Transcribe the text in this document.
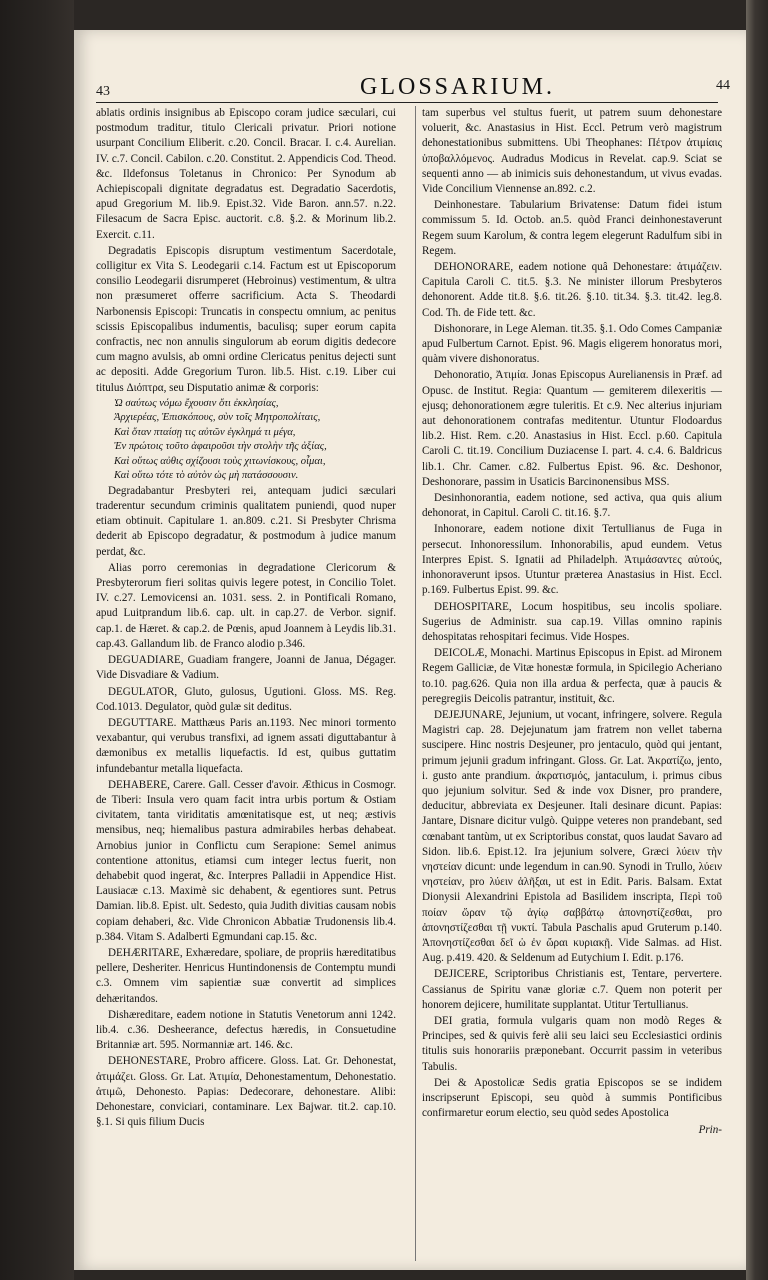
43	GLOSSARIUM.	44

ablatis ordinis insignibus ab Episcopo coram judice sæculari, cui postmodum traditur, titulo Clericali privatur. Priori notione usurpant Concilium Eliberit. c.20. Concil. Bracar. I. c.4. Aurelian. IV. c.7. Concil. Cabilon. c.20. Constitut. 2. Appendicis Cod. Theod. &c. Ildefonsus Toletanus in Chronico: Per Synodum ab Achiepiscopali dignitate degradatus est. Degradatio Sacerdotis, apud Gregorium M. lib.9. Epist.32. Vide Baron. ann.57. n.22. Filesacum de Sacra Episc. auctorit. c.8. §.2. & Morinum lib.2. Exercit. c.11.

Degradatis Episcopis disruptum vestimentum Sacerdotale, colligitur ex Vita S. Leodegarii c.14. Factum est ut Episcoporum consilio Leodegarii disrumperet (Hebroinus) vestimentum, & ultra non præsumeret offerre sacrificium. Acta S. Theodardi Narbonensis Episcopi: Truncatis in conspectu omnium, ac penitus scissis Episcopalibus indumentis, baculisq; super eorum capita confractis, nec non annulis singulorum ab eorum digitis dedecore cum magno avulsis, ab omni ordine Clericatus penitus dejecti sunt ac depositi. Adde Gregorium Turon. lib.5. Hist. c.19. Liber cui titulus Διόπτρα, seu Disputatio animæ & corporis:

Ὡ σαύτως νόμω ἔχουσιν ὅτι ἐκκλησίας,

Ἀρχιερέας, Ἐπισκόπους, σὺν τοῖς Μητροπολίταις,

Καὶ ὅταν πταίσῃ τις αὐτῶν ἐγκλημά τι μέγα,

Ἐν πρώτοις τοῦτο ἀφαιροῦσι τὴν στολὴν τῆς ἀξίας,

Καὶ οὕτως αὐθις σχίζουσι τοὺς χιτωνίσκους, οἶμαι,

Καὶ οὕτω τότε τὸ αὐτὸν ὡς μὴ πατάσσουσιν.

Degradabantur Presbyteri rei, antequam judici sæculari traderentur secundum criminis qualitatem puniendi, quod nuper etiam obtinuit. Capitulare 1. an.809. c.21. Si Presbyter Chrisma dederit ab Episcopo degradatur, & postmodum à judice manum perdat, &c.

Alias porro ceremonias in degradatione Clericorum & Presbyterorum fieri solitas quivis legere potest, in Concilio Tolet. IV. c.27. Lemovicensi an. 1031. sess. 2. in Pontificali Romano, apud Luitprandum lib.6. cap. ult. in cap.27. de Verbor. signif. cap.1. de Hæret. & cap.2. de Pœnis, apud Joannem à Leydis lib.31. cap.43. Gallandum lib. de Franco alodio p.346.

DEGUADIARE, Guadiam frangere, Joanni de Janua, Dégager. Vide Disvadiare & Vadium.

DEGULATOR, Gluto, gulosus, Ugutioni. Gloss. MS. Reg. Cod.1013. Degulator, quòd gulæ sit deditus.

DEGUTTARE. Matthæus Paris an.1193. Nec minori tormento vexabantur, qui verubus transfixi, ad ignem assati diguttabantur à dæmonibus ex metallis liquefactis. Id est, quibus guttatim infundebantur metalla liquefacta.

DEHABERE, Carere. Gall. Cesser d'avoir. Æthicus in Cosmogr. de Tiberi: Insula vero quam facit intra urbis portum & Ostiam civitatem, tanta viriditatis amœnitatisque est, ut neq; æstivis mensibus, neq; hiemalibus pastura admirabiles herbas dehabeat. Arnobius junior in Conflictu cum Serapione: Semel animus contentione attonitus, etiamsi cum integer lectus fuerit, non dehabebit quod ingerat, &c. Interpres Palladii in Appendice Hist. Lausiacæ c.13. Maximè sic dehabent, & egentiores sunt. Petrus Damian. lib.8. Epist. ult. Sedesto, quia Judith divitias causam nobis copiam dehaberi, &c. Vide Chronicon Abbatiæ Trudonensis lib.4. p.384. Vitam S. Adalberti Egmundani cap.15. &c.

DEHÆRITARE, Exhæredare, spoliare, de propriis hæreditatibus pellere, Desheriter. Henricus Huntindonensis de Contemptu mundi c.3. Omnem vim sapientiæ suæ convertit ad simplices dehæritandos.

Dishæreditare, eadem notione in Statutis Venetorum anni 1242. lib.4. c.36. Desheerance, defectus hæredis, in Consuetudine Britanniæ art. 595. Normanniæ art. 146. &c.

DEHONESTARE, Probro afficere. Gloss. Lat. Gr. Dehonestat, ἀτιμάζει. Gloss. Gr. Lat. Ἀτιμία, Dehonestamentum, Dehonestatio. ἀτιμῶ, Dehonesto. Papias: Dedecorare, dehonestare. Alibi: Dehonestare, conviciari, contaminare. Lex Bajwar. tit.2. cap.10. §.1. Si quis filium Ducis

tam superbus vel stultus fuerit, ut patrem suum dehonestare voluerit, &c. Anastasius in Hist. Eccl. Petrum verò magistrum dehonestationibus submittens. Ubi Theophanes: Πέτρον ἀτιμίαις ὑποβαλλόμενος. Audradus Modicus in Revelat. cap.9. Sciat se sequenti anno — ab inimicis suis dehonestandum, ut vivus evadas. Vide Concilium Viennense an.892. c.2.

Deinhonestare. Tabularium Brivatense: Datum fidei istum commissum 5. Id. Octob. an.5. quòd Franci deinhonestaverunt Regem suum Karolum, & contra legem elegerunt Radulfum sibi in Regem.

DEHONORARE, eadem notione quâ Dehonestare: ἀτιμάζειν. Capitula Caroli C. tit.5. §.3. Ne minister illorum Presbyteros dehonorent. Adde tit.8. §.6. tit.26. §.10. tit.34. §.3. tit.42. leg.8. Cod. Th. de Fide tett. &c.

Dishonorare, in Lege Aleman. tit.35. §.1. Odo Comes Campaniæ apud Fulbertum Carnot. Epist. 96. Magis eligerem honoratus mori, quàm vivere dishonoratus.

Dehonoratio, Ἀτιμία. Jonas Episcopus Aurelianensis in Præf. ad Opusc. de Institut. Regia: Quantum — gemiterem dilexeritis — ejusq; dehonorationem ægre tuleritis. Et c.9. Nec alterius injuriam aut dehonorationem contrafas meditentur. Utuntur Flodoardus lib.2. Hist. Rem. c.20. Anastasius in Hist. Eccl. p.60. Capitula Caroli C. tit.19. Concilium Duziacense I. part. 4. c.4. 6. Baldricus lib.1. Chr. Camer. c.82. Fulbertus Epist. 96. &c. Deshonor, Deshonorare, passim in Usaticis Barcinonensibus MSS.

Desinhonorantia, eadem notione, sed activa, qua quis alium dehonorat, in Capitul. Caroli C. tit.16. §.7.

Inhonorare, eadem notione dixit Tertullianus de Fuga in persecut. Inhonoressilum. Inhonorabilis, apud eundem. Vetus Interpres Epist. S. Ignatii ad Philadelph. Ἀτιμάσαντες αὐτούς, inhonoraverunt ipsos. Utuntur præterea Anastasius in Hist. Eccl. p.169. Fulbertus Epist. 99. &c.

DEHOSPITARE, Locum hospitibus, seu incolis spoliare. Sugerius de Administr. sua cap.19. Villas omnino rapinis dehospitatas rehospitari fecimus. Vide Hospes.

DEICOLÆ, Monachi. Martinus Episcopus in Epist. ad Mironem Regem Galliciæ, de Vitæ honestæ formula, in Spicilegio Acheriano to.10. pag.626. Quia non illa ardua & perfecta, quæ à paucis & peregregiis Deicolis patrantur, instituit, &c.

DEJEJUNARE, Jejunium, ut vocant, infringere, solvere. Regula Magistri cap. 28. Dejejunatum jam fratrem non vellet taberna suscipere. Hinc nostris Desjeuner, pro jentaculo, quòd qui jentant, primum jejunii gradum infringant. Gloss. Gr. Lat. Ἀκρατίζω, jento, i. gusto ante prandium. ἀκρατισμός, jantaculum, i. primus cibus quo jejunium solvitur. Sed & inde vox Disner, pro prandere, deducitur, abbreviata ex Desjeuner. Itali desinare dicunt. Papias: Jantare, Disnare dicitur vulgò. Quippe veteres non prandebant, sed cœnabant tantùm, ut ex Scriptoribus constat, quos laudat Savaro ad Sidon. lib.6. Epist.12. Ira jejunium solvere, Græci λύειν τὴν νηστείαν dicunt: unde legendum in can.90. Synodi in Trullo, λύειν νηστείαν, pro λύειν ἀλῆξαι, ut est in Edit. Paris. Balsam. Extat Dionysii Alexandrini Epistola ad Basilidem inscripta, Περὶ τοῦ ποίαν ὥραν τῷ ἁγίῳ σαββάτῳ ἀπονηστίζεσθαι, pro ἀπονηστίζεσθαι τῇ νυκτί. Tabula Paschalis apud Gruterum p.140. Ἀπονηστίζεσθαι δεῖ ὡ ἐν ὥραι κυριακῇ. Vide Salmas. ad Hist. Aug. p.419. 420. & Seldenum ad Eutychium I. Edit. p.176.

DEJICERE, Scriptoribus Christianis est, Tentare, pervertere. Cassianus de Spiritu vanæ gloriæ c.7. Quem non poterit per honorem dejicere, humilitate supplantat. Utitur Tertullianus.

DEI gratia, formula vulgaris quam non modò Reges & Principes, sed & quivis ferè alii seu laici seu Ecclesiastici ordinis titulis suis honorariis præponebant. Occurrit passim in veteribus Tabulis.

Dei & Apostolicæ Sedis gratia Episcopos se se indidem inscripserunt Episcopi, seu quòd à summis Pontificibus confirmaretur eorum electio, seu quòd sedes Apostolica

Prin-
